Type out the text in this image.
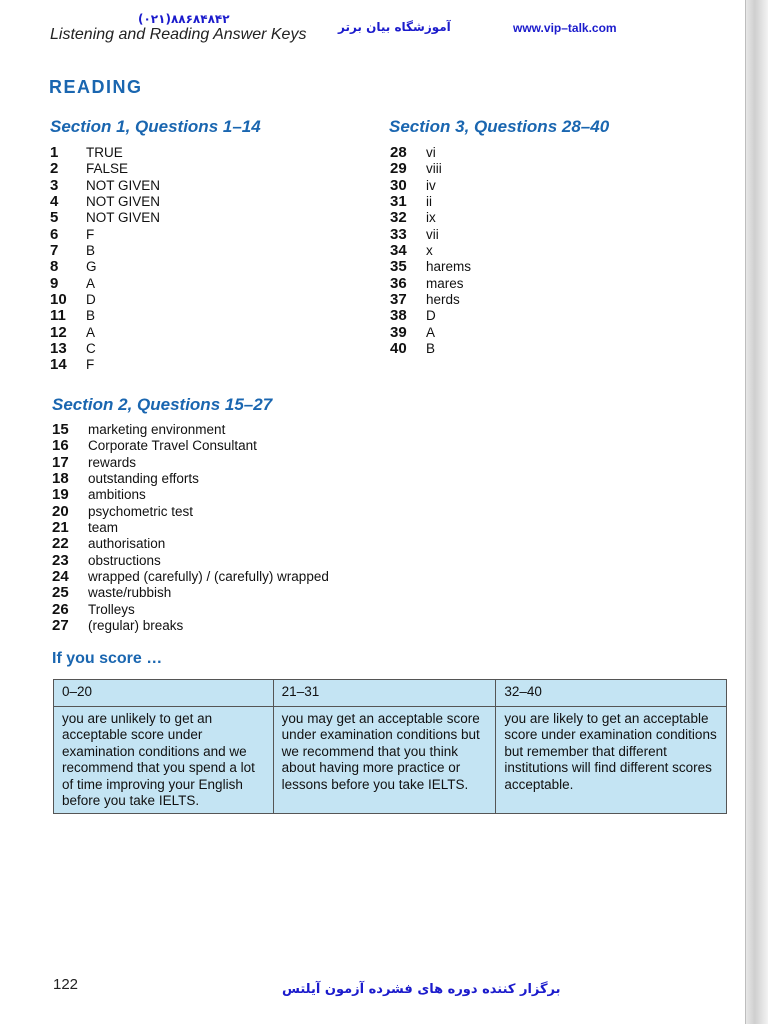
Listening and Reading Answer Keys
(۰۲۱)۸۸۶۸۴۸۴۲
آموزشگاه بیان برتر	www.vip–talk.com
READING
Section 1, Questions 1–14
1	TRUE
2	FALSE
3	NOT GIVEN
4	NOT GIVEN
5	NOT GIVEN
6	F
7	B
8	G
9	A
10	D
11	B
12	A
13	C
14	F
Section 3, Questions 28–40
28	vi
29	viii
30	iv
31	ii
32	ix
33	vii
34	x
35	harems
36	mares
37	herds
38	D
39	A
40	B
Section 2, Questions 15–27
15	marketing environment
16	Corporate Travel Consultant
17	rewards
18	outstanding efforts
19	ambitions
20	psychometric test
21	team
22	authorisation
23	obstructions
24	wrapped (carefully) / (carefully) wrapped
25	waste/rubbish
26	Trolleys
27	(regular) breaks
If you score …
0–20	21–31	32–40
you are unlikely to get an acceptable score under examination conditions and we recommend that you spend a lot of time improving your English before you take IELTS.	you may get an acceptable score under examination conditions but we recommend that you think about having more practice or lessons before you take IELTS.	you are likely to get an acceptable score under examination conditions but remember that different institutions will find different scores acceptable.
122	برگزار کننده دوره های فشرده آزمون آیلتس
